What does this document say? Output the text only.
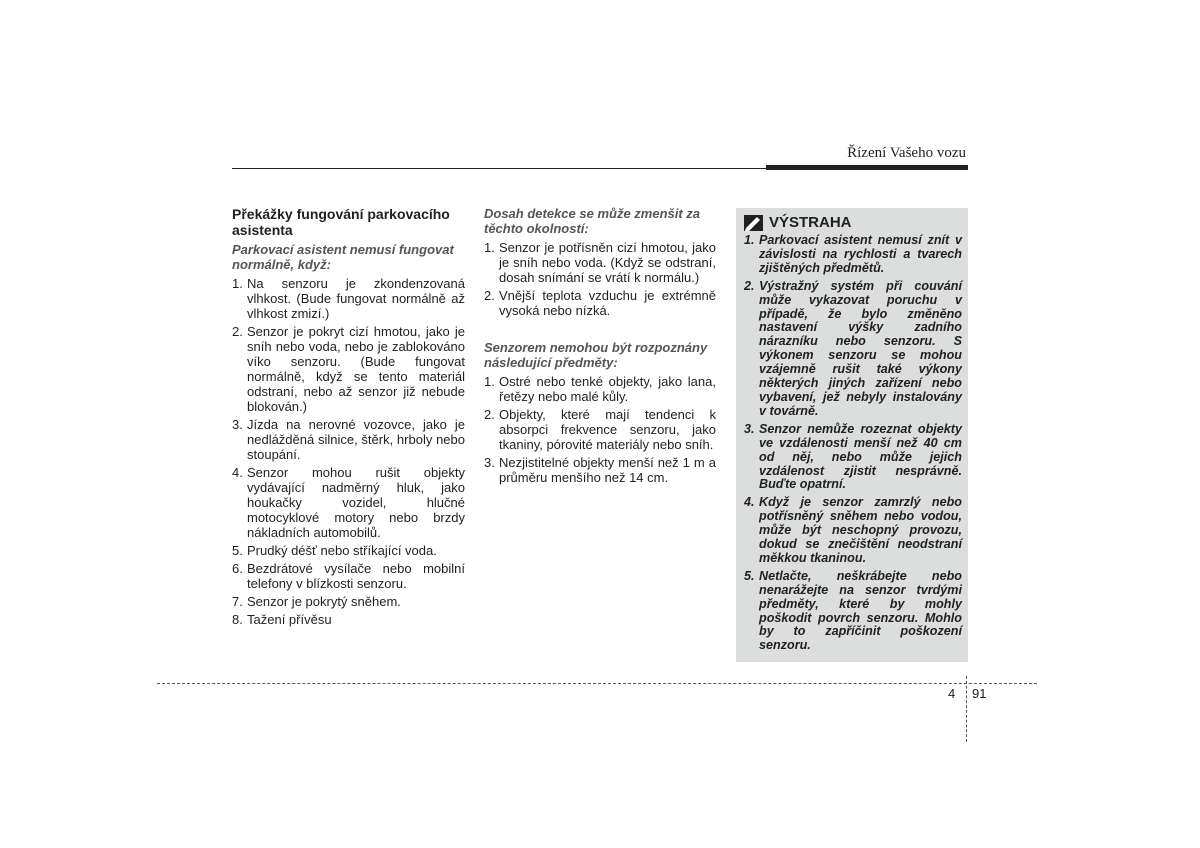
Řízení Vašeho vozu
Překážky fungování parkovacího asistenta
Parkovací asistent nemusí fungovat normálně, když:
1. Na senzoru je zkondenzovaná vlhkost. (Bude fungovat normálně až vlhkost zmizí.)
2. Senzor je pokryt cizí hmotou, jako je sníh nebo voda, nebo je zablokováno víko senzoru. (Bude fungovat normálně, když se tento materiál odstraní, nebo až senzor již nebude blokován.)
3. Jízda na nerovné vozovce, jako je nedlážděná silnice, štěrk, hrboly nebo stoupání.
4. Senzor mohou rušit objekty vydávající nadměrný hluk, jako houkačky vozidel, hlučné motocyklové motory nebo brzdy nákladních automobilů.
5. Prudký déšť nebo stříkající voda.
6. Bezdrátové vysílače nebo mobilní telefony v blízkosti senzoru.
7. Senzor je pokrytý sněhem.
8. Tažení přívěsu
Dosah detekce se může zmenšit za těchto okolností:
1. Senzor je potřísněn cizí hmotou, jako je sníh nebo voda. (Když se odstraní, dosah snímání se vrátí k normálu.)
2. Vnější teplota vzduchu je extrémně vysoká nebo nízká.
Senzorem nemohou být rozpoznány následující předměty:
1. Ostré nebo tenké objekty, jako lana, řetězy nebo malé kůly.
2. Objekty, které mají tendenci k absorpci frekvence senzoru, jako tkaniny, pórovité materiály nebo sníh.
3. Nezjistitelné objekty menší než 1 m a průměru menšího než 14 cm.
VÝSTRAHA
1. Parkovací asistent nemusí znít v závislosti na rychlosti a tvarech zjištěných předmětů.
2. Výstražný systém při couvání může vykazovat poruchu v případě, že bylo změněno nastavení výšky zadního nárazníku nebo senzoru. S výkonem senzoru se mohou vzájemně rušit také výkony některých jiných zařízení nebo vybavení, jež nebyly instalovány v továrně.
3. Senzor nemůže rozeznat objekty ve vzdálenosti menší než 40 cm od něj, nebo může jejich vzdálenost zjistit nesprávně. Buďte opatrní.
4. Když je senzor zamrzlý nebo potřísněný sněhem nebo vodou, může být neschopný provozu, dokud se znečištění neodstraní měkkou tkaninou.
5. Netlačte, neškrábejte nebo nenarážejte na senzor tvrdými předměty, které by mohly poškodit povrch senzoru. Mohlo by to zapříčinit poškození senzoru.
4 91
